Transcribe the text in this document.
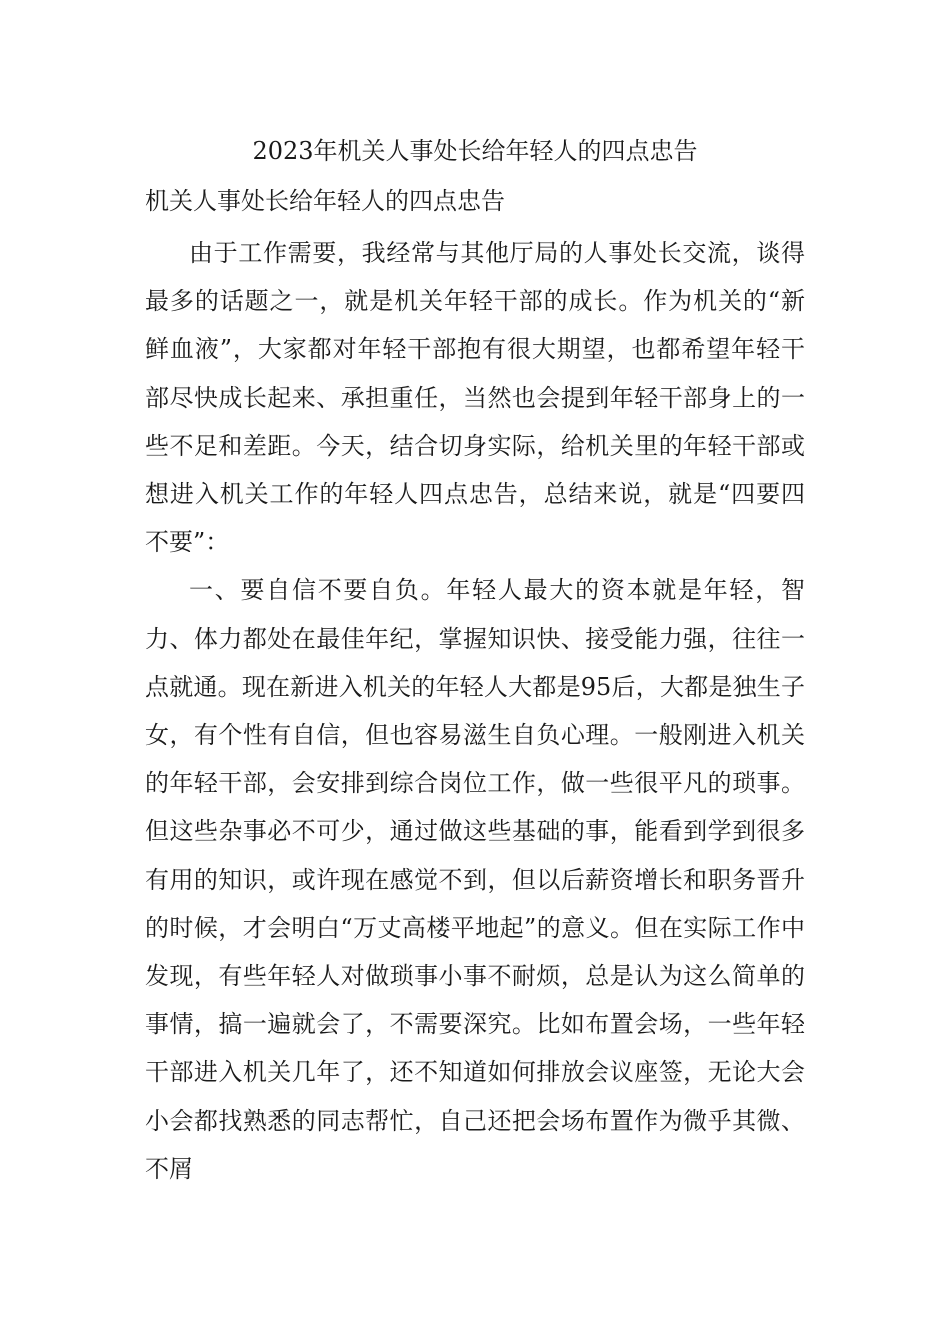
2023年机关人事处长给年轻人的四点忠告

机关人事处长给年轻人的四点忠告

由于工作需要，我经常与其他厅局的人事处长交流，谈得最多的话题之一，就是机关年轻干部的成长。作为机关的“新鲜血液”，大家都对年轻干部抱有很大期望，也都希望年轻干部尽快成长起来、承担重任，当然也会提到年轻干部身上的一些不足和差距。今天，结合切身实际，给机关里的年轻干部或想进入机关工作的年轻人四点忠告，总结来说，就是“四要四不要”：

一、要自信不要自负。年轻人最大的资本就是年轻，智力、体力都处在最佳年纪，掌握知识快、接受能力强，往往一点就通。现在新进入机关的年轻人大都是95后，大都是独生子女，有个性有自信，但也容易滋生自负心理。一般刚进入机关的年轻干部，会安排到综合岗位工作，做一些很平凡的琐事。但这些杂事必不可少，通过做这些基础的事，能看到学到很多有用的知识，或许现在感觉不到，但以后薪资增长和职务晋升的时候，才会明白“万丈高楼平地起”的意义。但在实际工作中发现，有些年轻人对做琐事小事不耐烦，总是认为这么简单的事情，搞一遍就会了，不需要深究。比如布置会场，一些年轻干部进入机关几年了，还不知道如何排放会议座签，无论大会小会都找熟悉的同志帮忙，自己还把会场布置作为微乎其微、不屑
